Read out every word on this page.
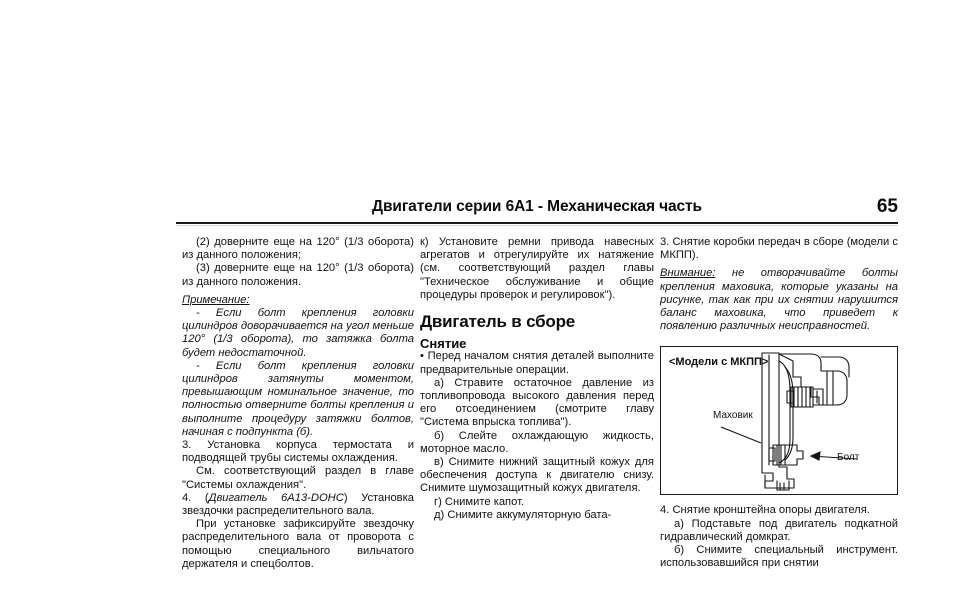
Двигатели серии 6A1 - Механическая часть	65

(2) доверните еще на 120° (1/3 оборота) из данного положения;

(3) доверните еще на 120° (1/3 оборота) из данного положения.

Примечание:

- Если болт крепления головки цилиндров доворачивается на угол меньше 120° (1/3 оборота), то затяжка болта будет недостаточной.

- Если болт крепления головки цилиндров затянуты моментом, превышающим номинальное значение, то полностью отверните болты крепления и выполните процедуру затяжки болтов, начиная с подпункта (б).

3. Установка корпуса термостата и подводящей трубы системы охлаждения.

См. соответствующий раздел в главе "Системы охлаждения".

4. (Двигатель 6A13-DOHC) Установка звездочки распределительного вала.

При установке зафиксируйте звездочку распределительного вала от проворота с помощью специального вильчатого держателя и спецболтов.

к) Установите ремни привода навесных агрегатов и отрегулируйте их натяжение (см. соответствующий раздел главы "Техническое обслуживание и общие процедуры проверок и регулировок").

Двигатель в сборе
Снятие

• Перед началом снятия деталей выполните предварительные операции.

а) Стравите остаточное давление из топливопровода высокого давления перед его отсоединением (смотрите главу "Система впрыска топлива").

б) Слейте охлаждающую жидкость, моторное масло.

в) Снимите нижний защитный кожух для обеспечения доступа к двигателю снизу. Снимите шумозащитный кожух двигателя.

г) Снимите капот.

д) Снимите аккумуляторную бата-

3. Снятие коробки передач в сборе (модели с МКПП).

Внимание: не отворачивайте болты крепления маховика, которые указаны на рисунке, так как при их снятии нарушится баланс маховика, что приведет к появлению различных неисправностей.

<Модели с МКПП>
Маховик
Болт

4. Снятие кронштейна опоры двигателя.

а) Подставьте под двигатель подкатной гидравлический домкрат.

б) Снимите специальный инструмент. использовавшийся при снятии
